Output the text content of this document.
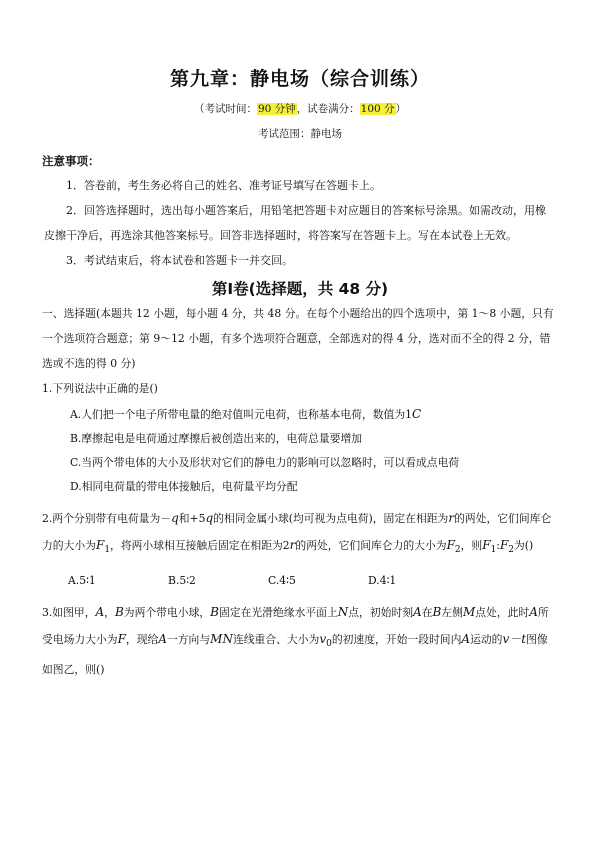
第九章：静电场（综合训练）
（考试时间：90 分钟，试卷满分：100 分）
考试范围：静电场
注意事项：

1．答卷前，考生务必将自己的姓名、准考证号填写在答题卡上。

2．回答选择题时，选出每小题答案后，用铅笔把答题卡对应题目的答案标号涂黑。如需改动，用橡皮擦干净后，再选涂其他答案标号。回答非选择题时，将答案写在答题卡上。写在本试卷上无效。

3．考试结束后，将本试卷和答题卡一并交回。

第Ⅰ卷(选择题，共 48 分)
一、选择题(本题共 12 小题，每小题 4 分，共 48 分。在每个小题给出的四个选项中，第 1～8 小题，只有一个选项符合题意；第 9～12 小题，有多个选项符合题意，全部选对的得 4 分，选对而不全的得 2 分，错选或不选的得 0 分)
1.下列说法中正确的是()
A.人们把一个电子所带电量的绝对值叫元电荷，也称基本电荷，数值为1C
B.摩擦起电是电荷通过摩擦后被创造出来的，电荷总量要增加
C.当两个带电体的大小及形状对它们的静电力的影响可以忽略时，可以看成点电荷
D.相同电荷量的带电体接触后，电荷量平均分配
2.两个分别带有电荷量为－q和+5q的相同金属小球(均可视为点电荷)，固定在相距为r的两处，它们间库仑力的大小为$F_1$，将两小球相互接触后固定在相距为2r的两处，它们间库仑力的大小为$F_2$，则$F_1:F_2$为()
A.5∶1	B.5∶2	C.4∶5	D.4∶1
3.如图甲，A，B为两个带电小球，B固定在光滑绝缘水平面上N点，初始时刻A在B左侧M点处，此时A所受电场力大小为F，现给A一方向与MN连线重合、大小为$v_0$的初速度，开始一段时间内A运动的v－t图像如图乙，则()
